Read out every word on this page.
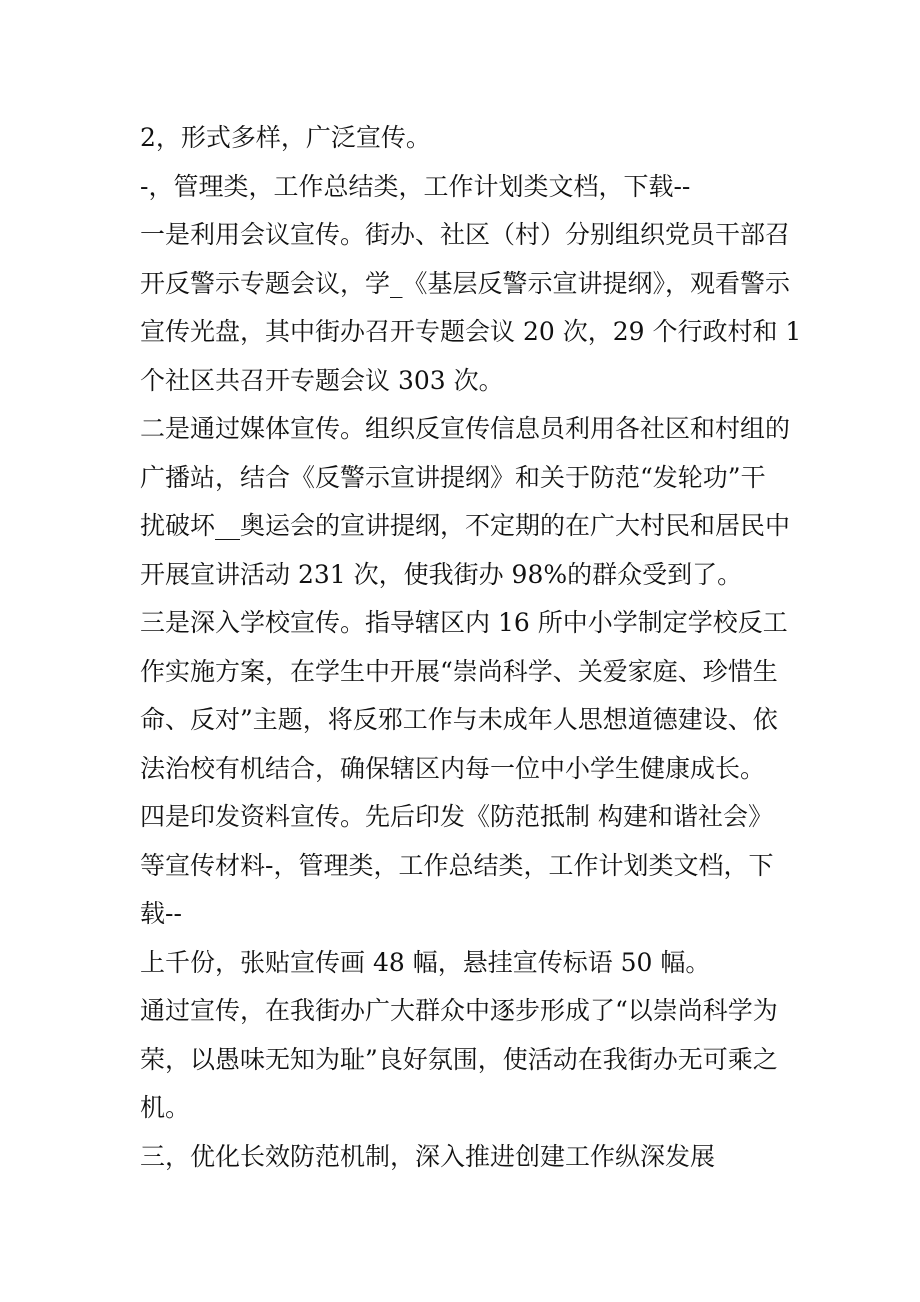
2，形式多样，广泛宣传。
-，管理类，工作总结类，工作计划类文档，下载--
一是利用会议宣传。街办、社区（村）分别组织党员干部召
开反警示专题会议，学_《基层反警示宣讲提纲》，观看警示
宣传光盘，其中街办召开专题会议 20 次，29 个行政村和 1
个社区共召开专题会议 303 次。
二是通过媒体宣传。组织反宣传信息员利用各社区和村组的
广播站，结合《反警示宣讲提纲》和关于防范“发轮功”干
扰破坏__奥运会的宣讲提纲，不定期的在广大村民和居民中
开展宣讲活动 231 次，使我街办 98%的群众受到了。
三是深入学校宣传。指导辖区内 16 所中小学制定学校反工
作实施方案，在学生中开展“崇尚科学、关爱家庭、珍惜生
命、反对”主题，将反邪工作与未成年人思想道德建设、依
法治校有机结合，确保辖区内每一位中小学生健康成长。
四是印发资料宣传。先后印发《防范抵制 构建和谐社会》
等宣传材料-，管理类，工作总结类，工作计划类文档，下
载--
上千份，张贴宣传画 48 幅，悬挂宣传标语 50 幅。
通过宣传，在我街办广大群众中逐步形成了“以崇尚科学为
荣，以愚味无知为耻”良好氛围，使活动在我街办无可乘之
机。
三，优化长效防范机制，深入推进创建工作纵深发展
